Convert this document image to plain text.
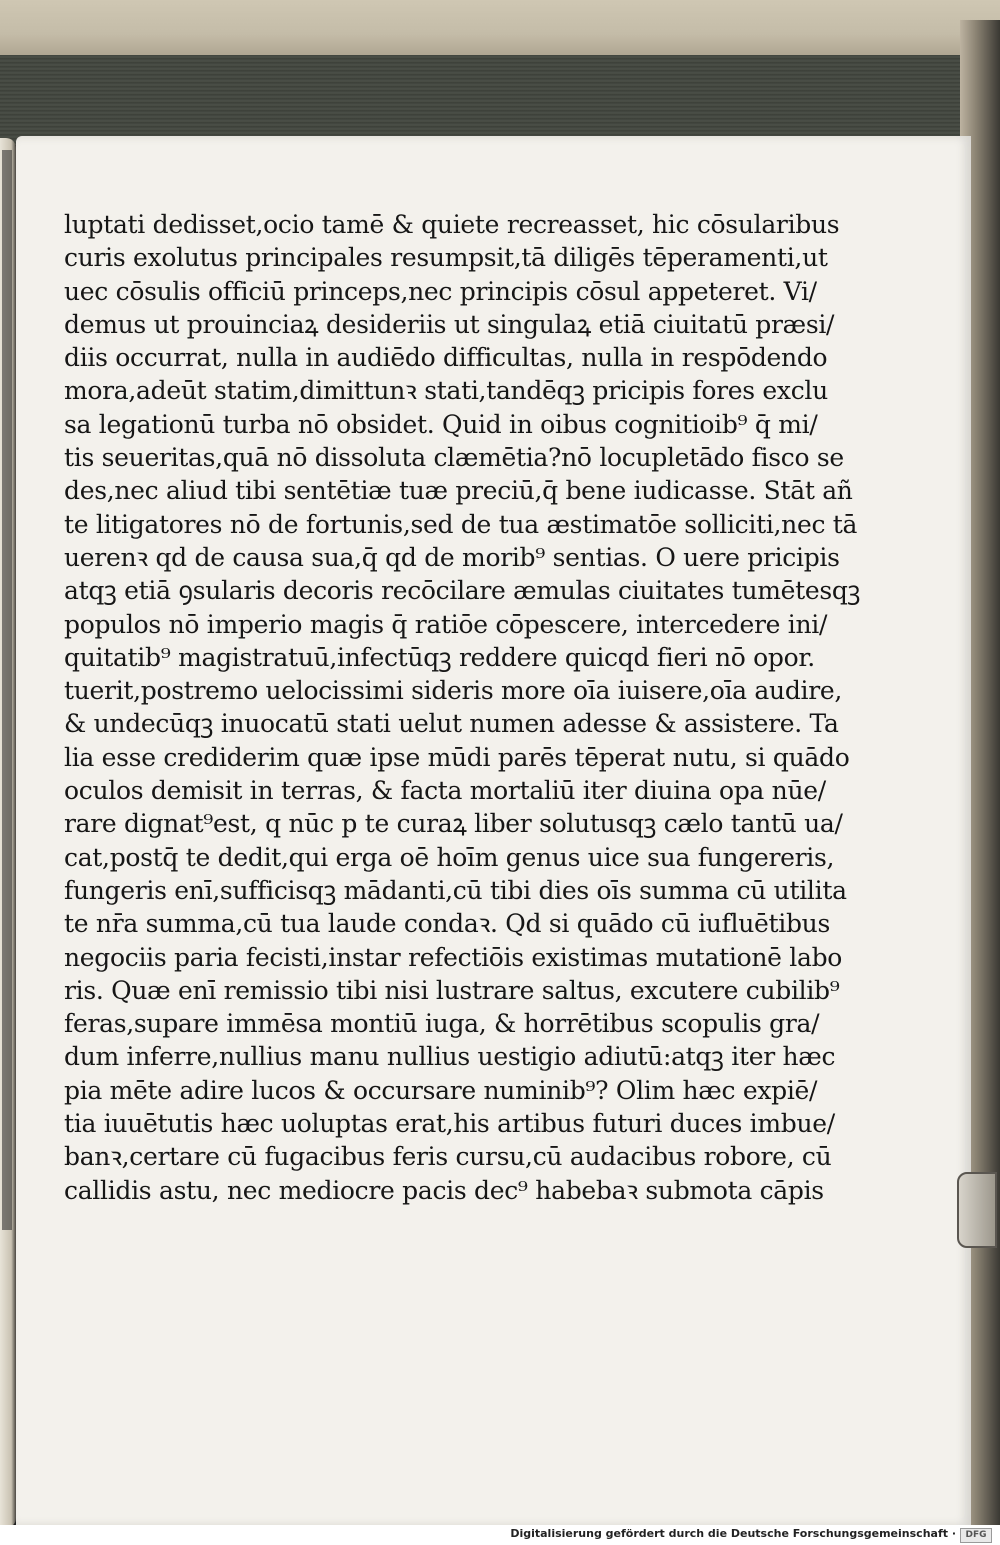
luptati dedisset,ocio tamē & quiete recreasset, hic cōsularibus
curis exolutus principales resumpsit,tā diligēs tēperamenti,ut
uec cōsulis officiū princeps,nec principis cōsul appeteret. Vi/
demus ut prouinciaꝝ desideriis ut singulaꝝ etiā ciuitatū præsi/
diis occurrat, nulla in audiēdo difficultas, nulla in respōdendo
mora,adeūt statim,dimittunꝛ stati,tandēqꝫ pricipis fores exclu
sa legationū turba nō obsidet. Quid in oibus cognitioib⁹ q̄ mi/
tis seueritas,quā nō dissoluta clæmētia?nō locupletādo fisco se
des,nec aliud tibi sentētiæ tuæ preciū,q̄ bene iudicasse. Stāt añ
te litigatores nō de fortunis,sed de tua æstimatōe solliciti,nec tā
uerenꝛ qd de causa sua,q̄ qd de morib⁹ sentias. O uere pricipis
atqꝫ etiā ꝯsularis decoris recōcilare æmulas ciuitates tumētesqꝫ
populos nō imperio magis q̄ ratiōe cōpescere, intercedere ini/
quitatib⁹ magistratuū,infectūqꝫ reddere quicqd fieri nō opor.
tuerit,postremo uelocissimi sideris more oīa iuisere,oīa audire,
& undecūqꝫ inuocatū stati uelut numen adesse & assistere. Ta
lia esse crediderim quæ ipse mūdi parēs tēperat nutu, si quādo
oculos demisit in terras, & facta mortaliū iter diuina opa nūe/
rare dignat⁹est, q nūc p te curaꝝ liber solutusqꝫ cælo tantū ua/
cat,postq̄ te dedit,qui erga oē hoīm genus uice sua fungereris,
fungeris enī,sufficisqꝫ mādanti,cū tibi dies oīs summa cū utilita
te nr̄a summa,cū tua laude condaꝛ. Qd si quādo cū iufluētibus
negociis paria fecisti,instar refectiōis existimas mutationē labo
ris. Quæ enī remissio tibi nisi lustrare saltus, excutere cubilib⁹
feras,supare immēsa montiū iuga, & horrētibus scopulis gra/
dum inferre,nullius manu nullius uestigio adiutū:atqꝫ iter hæc
pia mēte adire lucos & occursare numinib⁹? Olim hæc expiē/
tia iuuētutis hæc uoluptas erat,his artibus futuri duces imbue/
banꝛ,certare cū fugacibus feris cursu,cū audacibus robore, cū
callidis astu, nec mediocre pacis dec⁹ habebaꝛ submota cāpis
Digitalisierung gefördert durch die Deutsche Forschungsgemeinschaft ·	DFG
